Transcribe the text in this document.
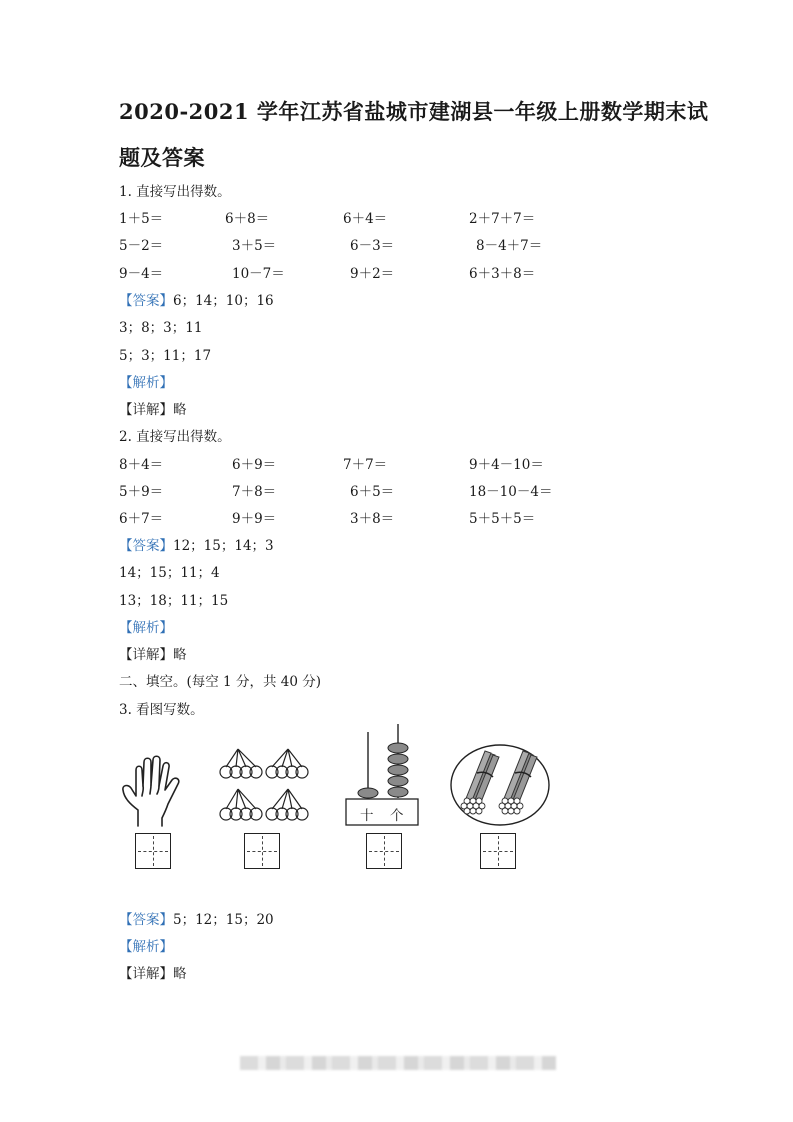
2020-2021 学年江苏省盐城市建湖县一年级上册数学期末试
题及答案
1. 直接写出得数。
1＋5＝	6＋8＝	6＋4＝	2＋7＋7＝
5－2＝	3＋5＝	6－3＝	8－4＋7＝
9－4＝	10－7＝	9＋2＝	6＋3＋8＝
【答案】6；14；10；16
3；8；3；11
5；3；11；17
【解析】
【详解】略
2. 直接写出得数。
8＋4＝	6＋9＝	7＋7＝	9＋4－10＝
5＋9＝	7＋8＝	6＋5＝	18－10－4＝
6＋7＝	9＋9＝	3＋8＝	5＋5＋5＝
【答案】12；15；14；3
14；15；11；4
13；18；11；15
【解析】
【详解】略
二、填空。(每空 1 分，共 40 分)
3. 看图写数。
十 个
【答案】5；12；15；20
【解析】
【详解】略
